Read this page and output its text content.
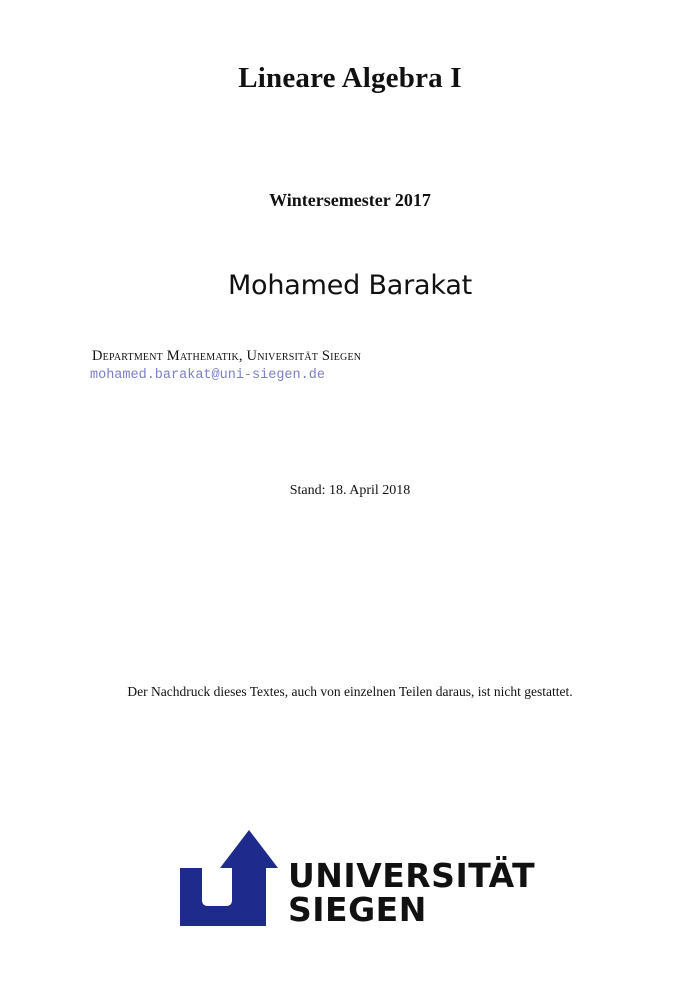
Lineare Algebra I
Wintersemester 2017
Mohamed Barakat
Department Mathematik, Universität Siegen
mohamed.barakat@uni-siegen.de
Stand: 18. April 2018
Der Nachdruck dieses Textes, auch von einzelnen Teilen daraus, ist nicht gestattet.
UNIVERSITÄT
SIEGEN
